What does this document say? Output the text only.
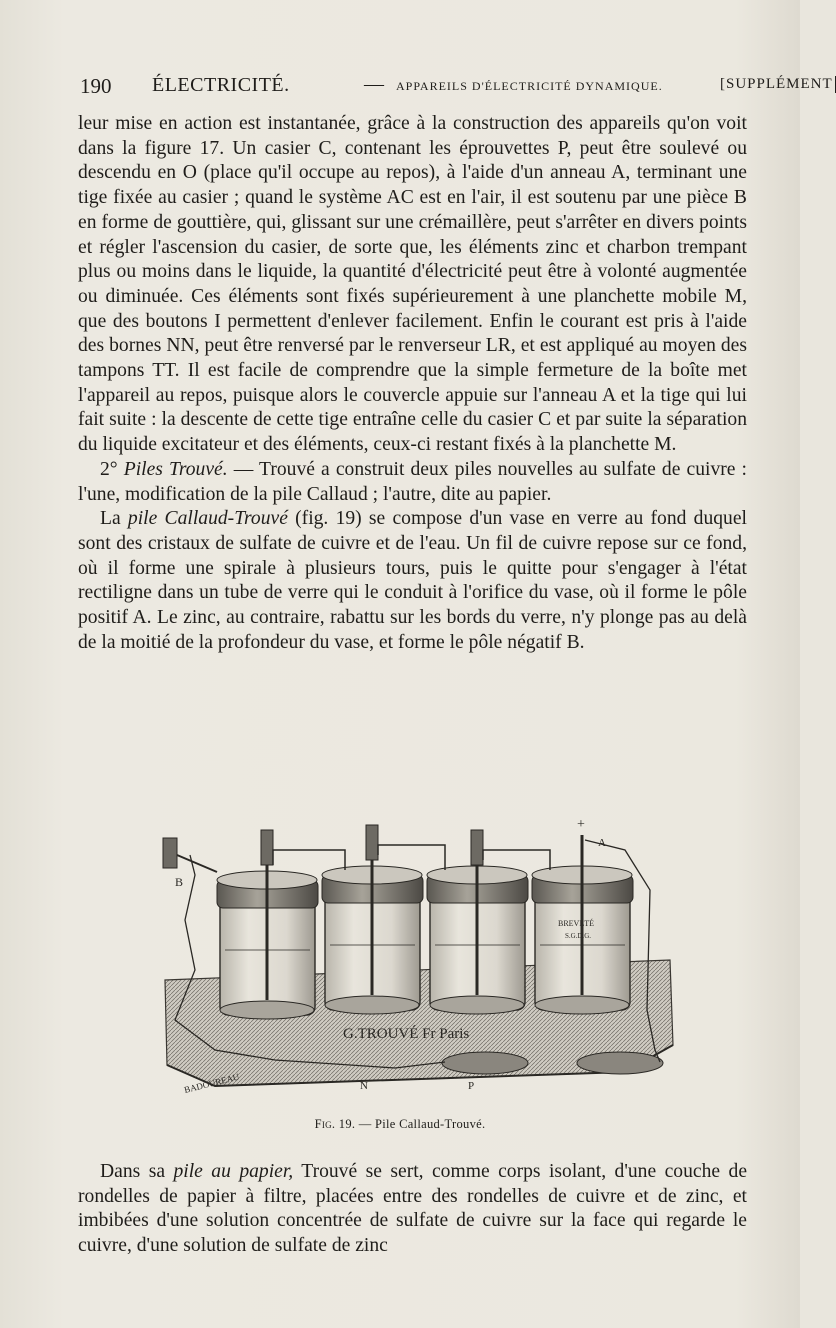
190 ÉLECTRICITÉ.	— APPAREILS D'ÉLECTRICITÉ DYNAMIQUE.	[ SUPPLÉMENT

leur mise en action est instantanée, grâce à la construction des appareils qu'on voit dans la figure 17. Un casier C, contenant les éprouvettes P, peut être soulevé ou descendu en O (place qu'il occupe au repos), à l'aide d'un anneau A, terminant une tige fixée au casier ; quand le système AC est en l'air, il est soutenu par une pièce B en forme de gouttière, qui, glissant sur une crémaillère, peut s'arrêter en divers points et régler l'ascension du casier, de sorte que, les éléments zinc et charbon trempant plus ou moins dans le liquide, la quantité d'électricité peut être à volonté augmentée ou diminuée. Ces éléments sont fixés supérieurement à une planchette mobile M, que des boutons I permettent d'enlever facilement. Enfin le courant est pris à l'aide des bornes NN, peut être renversé par le renverseur LR, et est appliqué au moyen des tampons TT. Il est facile de comprendre que la simple fermeture de la boîte met l'appareil au repos, puisque alors le couvercle appuie sur l'anneau A et la tige qui lui fait suite : la descente de cette tige entraîne celle du casier C et par suite la séparation du liquide excitateur et des éléments, ceux-ci restant fixés à la planchette M.

2° Piles Trouvé. — Trouvé a construit deux piles nouvelles au sulfate de cuivre : l'une, modification de la pile Callaud ; l'autre, dite au papier.

La pile Callaud-Trouvé (fig. 19) se compose d'un vase en verre au fond duquel sont des cristaux de sulfate de cuivre et de l'eau. Un fil de cuivre repose sur ce fond, où il forme une spirale à plusieurs tours, puis le quitte pour s'engager à l'état rectiligne dans un tube de verre qui le conduit à l'orifice du vase, où il forme le pôle positif A. Le zinc, au contraire, rabattu sur les bords du verre, n'y plonge pas au delà de la moitié de la profondeur du vase, et forme le pôle négatif B.

G.TROUVÉ Fr Paris
BADOUREAU	N	P
BREVETÉ
S.G.D.G.
B
+
A
Fig. 19. — Pile Callaud-Trouvé.

Dans sa pile au papier, Trouvé se sert, comme corps isolant, d'une couche de rondelles de papier à filtre, placées entre des rondelles de cuivre et de zinc, et imbibées d'une solution concentrée de sulfate de cuivre sur la face qui regarde le cuivre, d'une solution de sulfate de zinc
